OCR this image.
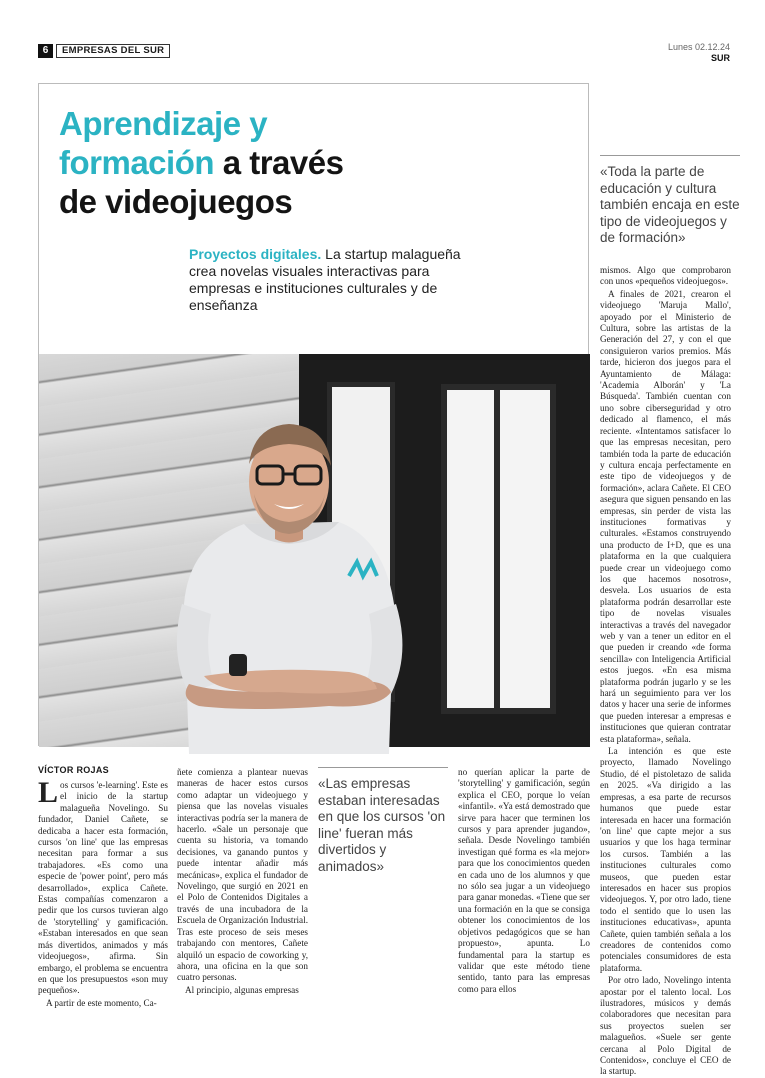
6	EMPRESAS DEL SUR	Lunes 02.12.24
SUR
Aprendizaje y
formación a través
de videojuegos
Proyectos digitales. La startup malagueña crea novelas visuales interactivas para empresas e instituciones culturales y de enseñanza
«Toda la parte de educación y cultura también encaja en este tipo de videojuegos y de formación»
VÍCTOR ROJAS

Los cursos 'e-learning'. Este es el inicio de la startup malagueña Novelingo. Su fundador, Daniel Cañete, se dedicaba a hacer esta formación, cursos 'on line' que las empresas necesitan para formar a sus trabajadores. «Es como una especie de 'power point', pero más desarrollado», explica Cañete. Estas compañías comenzaron a pedir que los cursos tuvieran algo de 'storytelling' y gamificación. «Estaban interesados en que sean más divertidos, animados y más videojuegos», afirma. Sin embargo, el problema se encuentra en que los presupuestos «son muy pequeños».

A partir de este momento, Ca-

ñete comienza a plantear nuevas maneras de hacer estos cursos como adaptar un videojuego y piensa que las novelas visuales interactivas podría ser la manera de hacerlo. «Sale un personaje que cuenta su historia, va tomando decisiones, va ganando puntos y puede intentar añadir más mecánicas», explica el fundador de Novelingo, que surgió en 2021 en el Polo de Contenidos Digitales a través de una incubadora de la Escuela de Organización Industrial. Tras este proceso de seis meses trabajando con mentores, Cañete alquiló un espacio de coworking y, ahora, una oficina en la que son cuatro personas.

Al principio, algunas empresas

«Las empresas estaban interesadas en que los cursos 'on line' fueran más divertidos y animados»

no querían aplicar la parte de 'storytelling' y gamificación, según explica el CEO, porque lo veían «infantil». «Ya está demostrado que sirve para hacer que terminen los cursos y para aprender jugando», señala. Desde Novelingo también investigan qué forma es «la mejor» para que los conocimientos queden en cada uno de los alumnos y que no sólo sea jugar a un videojuego para ganar monedas. «Tiene que ser una formación en la que se consiga obtener los conocimientos de los objetivos pedagógicos que se han propuesto», apunta. Lo fundamental para la startup es validar que este método tiene sentido, tanto para las empresas como para ellos

mismos. Algo que comprobaron con unos «pequeños videojuegos».

A finales de 2021, crearon el videojuego 'Maruja Mallo', apoyado por el Ministerio de Cultura, sobre las artistas de la Generación del 27, y con el que consiguieron varios premios. Más tarde, hicieron dos juegos para el Ayuntamiento de Málaga: 'Academia Alborán' y 'La Búsqueda'. También cuentan con uno sobre ciberseguridad y otro dedicado al flamenco, el más reciente. «Intentamos satisfacer lo que las empresas necesitan, pero también toda la parte de educación y cultura encaja perfectamente en este tipo de videojuegos y de formación», aclara Cañete. El CEO asegura que siguen pensando en las empresas, sin perder de vista las instituciones formativas y culturales. «Estamos construyendo una producto de I+D, que es una plataforma en la que cualquiera puede crear un videojuego como los que hacemos nosotros», desvela. Los usuarios de esta plataforma podrán desarrollar este tipo de novelas visuales interactivas a través del navegador web y van a tener un editor en el que pueden ir creando «de forma sencilla» con Inteligencia Artificial estos juegos. «En esa misma plataforma podrán jugarlo y se les hará un seguimiento para ver los datos y hacer una serie de informes que pueden interesar a empresas e instituciones que quieran contratar esta plataforma», señala.

La intención es que este proyecto, llamado Novelingo Studio, dé el pistoletazo de salida en 2025. «Va dirigido a las empresas, a esa parte de recursos humanos que puede estar interesada en hacer una formación 'on line' que capte mejor a sus usuarios y que los haga terminar los cursos. También a las instituciones culturales como museos, que pueden estar interesados en hacer sus propios videojuegos. Y, por otro lado, tiene todo el sentido que lo usen las instituciones educativas», apunta Cañete, quien también señala a los creadores de contenidos como potenciales consumidores de esta plataforma.

Por otro lado, Novelingo intenta apostar por el talento local. Los ilustradores, músicos y demás colaboradores que necesitan para sus proyectos suelen ser malagueños. «Suele ser gente cercana al Polo Digital de Contenidos», concluye el CEO de la startup.
